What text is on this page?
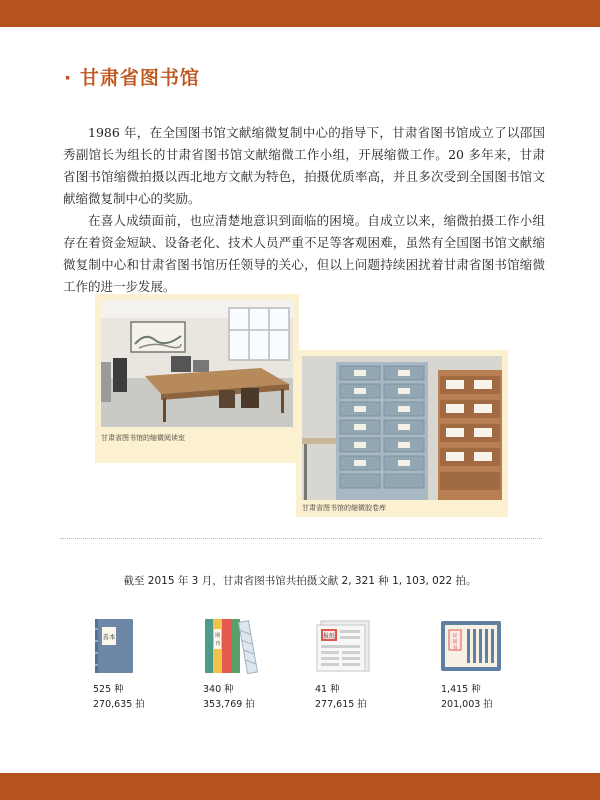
· 甘肃省图书馆

1986 年，在全国图书馆文献缩微复制中心的指导下，甘肃省图书馆成立了以邵国秀副馆长为组长的甘肃省图书馆文献缩微工作小组，开展缩微工作。20 多年来，甘肃省图书馆缩微拍摄以西北地方文献为特色，拍摄优质率高，并且多次受到全国图书馆文献缩微复制中心的奖励。

在喜人成绩面前，也应清楚地意识到面临的困境。自成立以来，缩微拍摄工作小组存在着资金短缺、设备老化、技术人员严重不足等客观困难，虽然有全国图书馆文献缩微复制中心和甘肃省图书馆历任领导的关心，但以上问题持续困扰着甘肃省图书馆缩微工作的进一步发展。

甘肃省图书馆的缩微阅读室
甘肃省图书馆的缩微胶卷库
截至 2015 年 3 月，甘肃省图书馆共拍摄文献 2, 321 种 1, 103, 022 拍。
善本
525 种
270,635 拍
期
刊
340 种
353,769 拍
报纸
41 种
277,615 拍
民
国
书
1,415 种
201,003 拍
